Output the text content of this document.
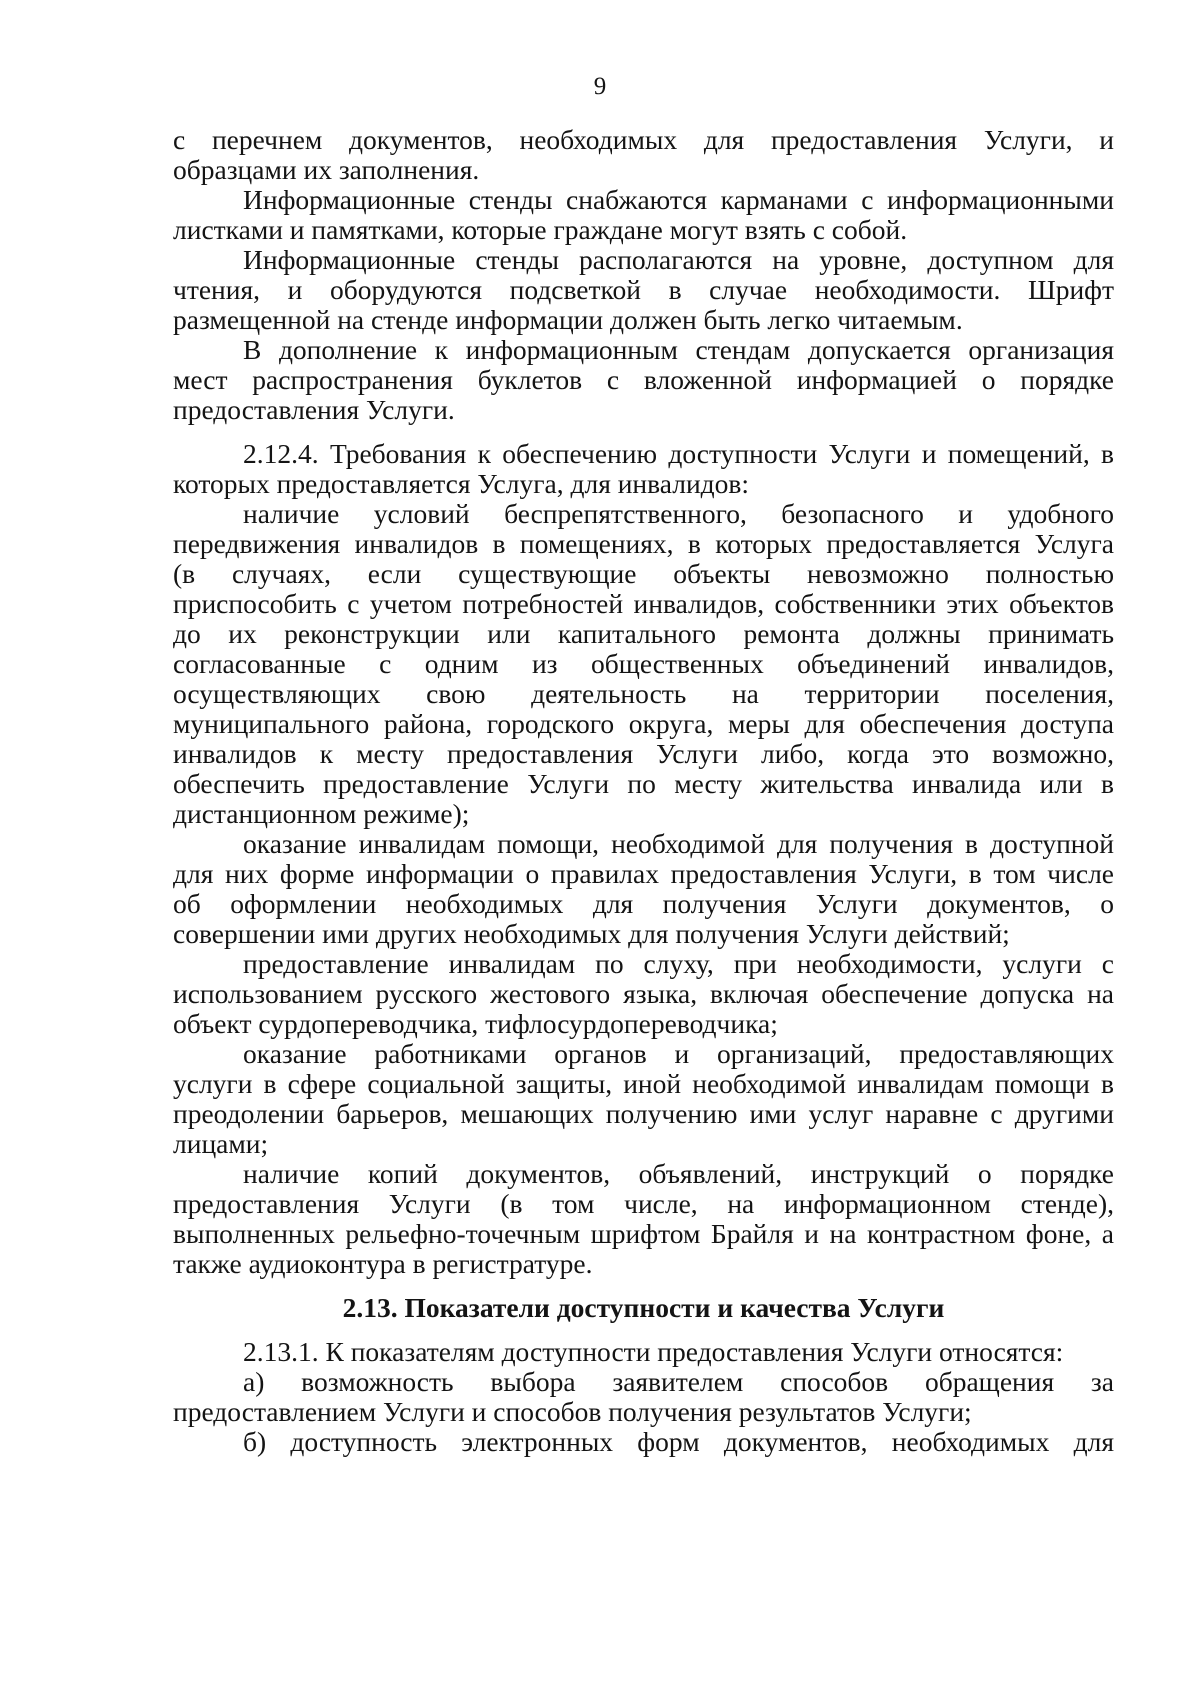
9
с перечнем документов, необходимых для предоставления Услуги, и
образцами их заполнения.
Информационные стенды снабжаются карманами с информационными
листками и памятками, которые граждане могут взять с собой.
Информационные стенды располагаются на уровне, доступном для
чтения, и оборудуются подсветкой в случае необходимости. Шрифт
размещенной на стенде информации должен быть легко читаемым.
В дополнение к информационным стендам допускается организация
мест распространения буклетов с вложенной информацией о порядке
предоставления Услуги.
2.12.4. Требования к обеспечению доступности Услуги и помещений, в
которых предоставляется Услуга, для инвалидов:
наличие условий беспрепятственного, безопасного и удобного
передвижения инвалидов в помещениях, в которых предоставляется Услуга
(в случаях, если существующие объекты невозможно полностью
приспособить с учетом потребностей инвалидов, собственники этих объектов
до их реконструкции или капитального ремонта должны принимать
согласованные с одним из общественных объединений инвалидов,
осуществляющих свою деятельность на территории поселения,
муниципального района, городского округа, меры для обеспечения доступа
инвалидов к месту предоставления Услуги либо, когда это возможно,
обеспечить предоставление Услуги по месту жительства инвалида или в
дистанционном режиме);
оказание инвалидам помощи, необходимой для получения в доступной
для них форме информации о правилах предоставления Услуги, в том числе
об оформлении необходимых для получения Услуги документов, о
совершении ими других необходимых для получения Услуги действий;
предоставление инвалидам по слуху, при необходимости, услуги с
использованием русского жестового языка, включая обеспечение допуска на
объект сурдопереводчика, тифлосурдопереводчика;
оказание работниками органов и организаций, предоставляющих
услуги в сфере социальной защиты, иной необходимой инвалидам помощи в
преодолении барьеров, мешающих получению ими услуг наравне с другими
лицами;
наличие копий документов, объявлений, инструкций о порядке
предоставления Услуги (в том числе, на информационном стенде),
выполненных рельефно-точечным шрифтом Брайля и на контрастном фоне, а
также аудиоконтура в регистратуре.
2.13. Показатели доступности и качества Услуги
2.13.1. К показателям доступности предоставления Услуги относятся:
а) возможность выбора заявителем способов обращения за
предоставлением Услуги и способов получения результатов Услуги;
б) доступность электронных форм документов, необходимых для
